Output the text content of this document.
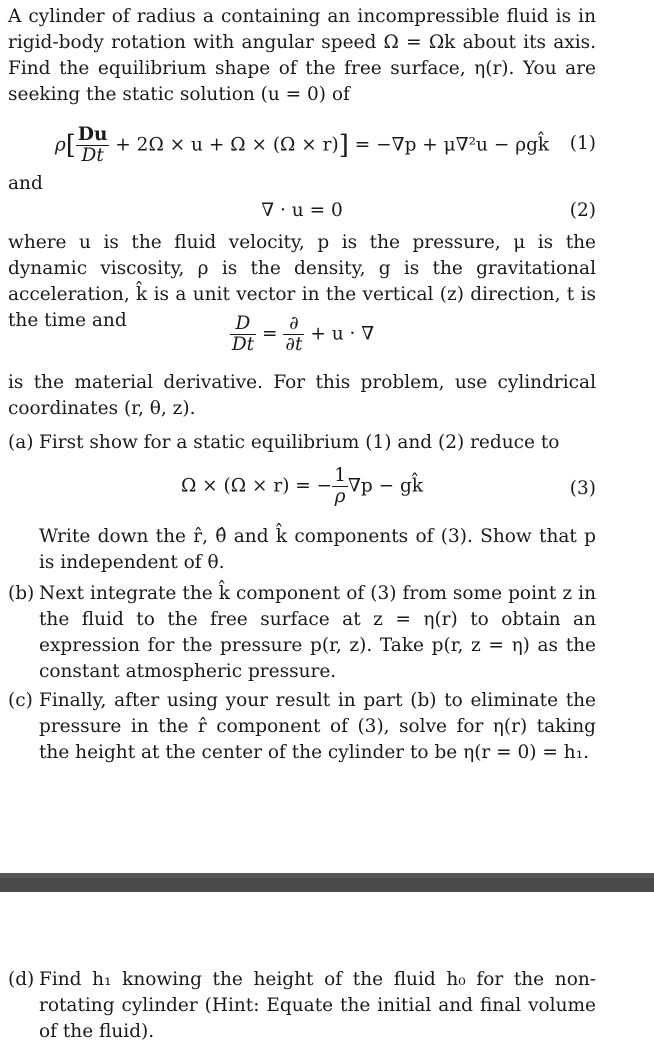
A cylinder of radius a containing an incompressible fluid is in rigid-body rotation with angular speed Ω = Ωk about its axis. Find the equilibrium shape of the free surface, η(r). You are seeking the static solution (u = 0) of

$\rho[ \frac{Du}{Dt} + 2\Omega \times u + \Omega \times (\Omega \times r)] = -\nabla p + \mu\nabla^2u$ − ρgk̂	(1)

and

∇ · u = 0	(2)

where u is the fluid velocity, p is the pressure, μ is the dynamic viscosity, ρ is the density, g is the gravitational acceleration, k̂ is a unit vector in the vertical (z) direction, t is the time and	$\frac{D}{Dt} = \frac{\partial}{\partial t} + u$ · ∇

is the material derivative. For this problem, use cylindrical coordinates (r, θ, z).

(a) First show for a static equilibrium (1) and (2) reduce to
Ω × (Ω × r) = − $\frac{1}{\rho} \nabla p$ − gk̂	(3)
Write down the r̂, θ̂ and k̂ components of (3). Show that p is independent of θ.
(b) Next integrate the k̂ component of (3) from some point z in the fluid to the free surface at z = η(r) to obtain an expression for the pressure p(r, z). Take p(r, z = η) as the constant atmospheric pressure.
(c) Finally, after using your result in part (b) to eliminate the pressure in the r̂ component of (3), solve for η(r) taking the height at the center of the cylinder to be η(r = 0) = h₁.
(d) Find h₁ knowing the height of the fluid h₀ for the non-rotating cylinder (Hint: Equate the initial and final volume of the fluid).
